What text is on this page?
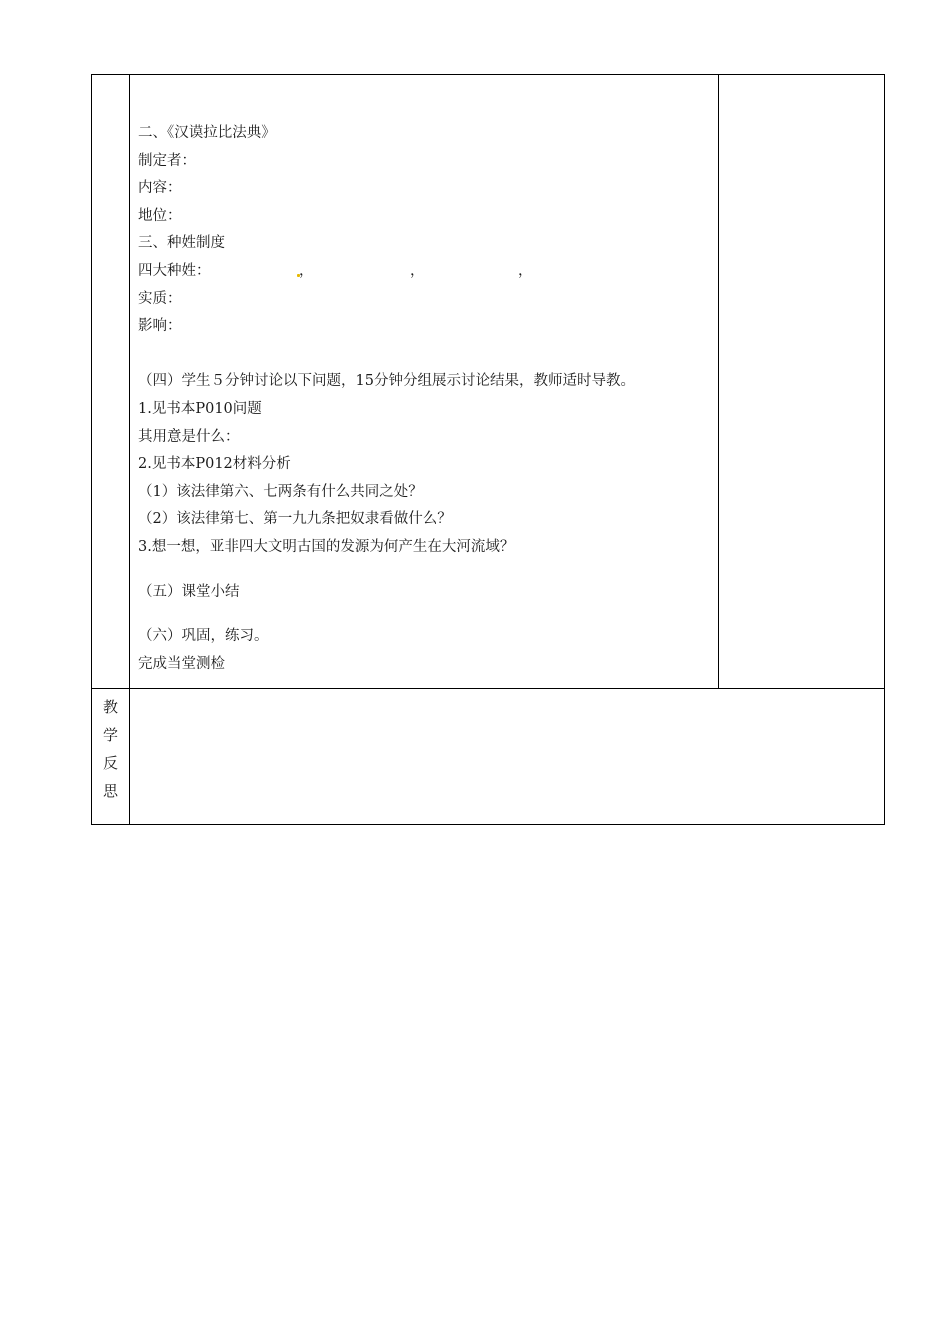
二、《汉谟拉比法典》
制定者：
内容：
地位：
三、种姓制度
四大种姓：	，	，	，
实质：
影响：
（四）学生５分钟讨论以下问题，15分钟分组展示讨论结果，教师适时导教。
1.见书本P010问题
其用意是什么：
2.见书本P012材料分析
（1）该法律第六、七两条有什么共同之处？
（2）该法律第七、第一九九条把奴隶看做什么？
3.想一想，亚非四大文明古国的发源为何产生在大河流域？
（五）课堂小结
（六）巩固，练习。
完成当堂测检
教
学
反
思
